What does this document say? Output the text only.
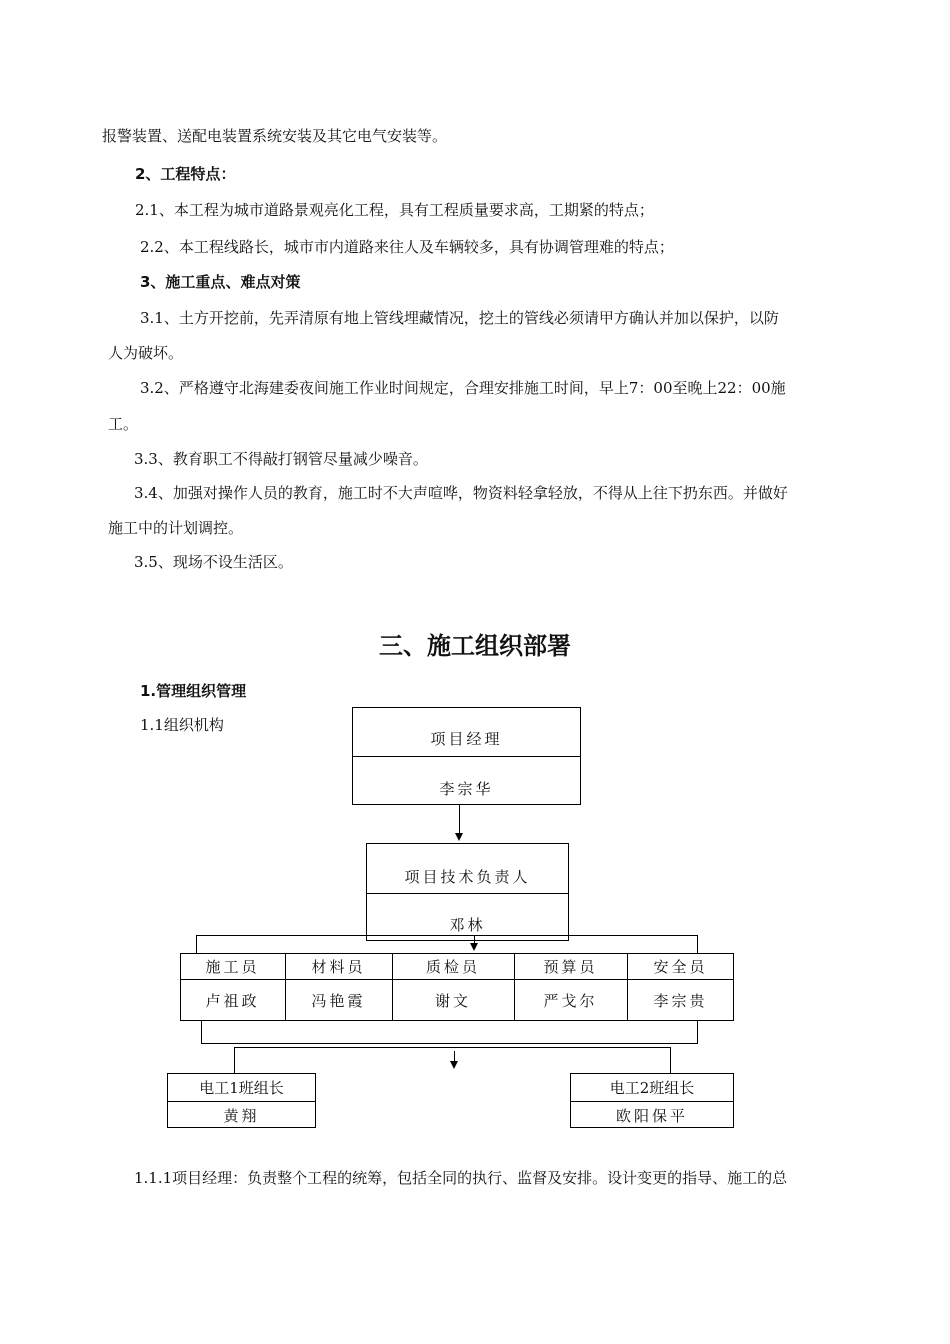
报警装置、送配电装置系统安装及其它电气安装等。
2、工程特点：
2.1、本工程为城市道路景观亮化工程，具有工程质量要求高，工期紧的特点；
2.2、本工程线路长，城市市内道路来往人及车辆较多，具有协调管理难的特点；
3、施工重点、难点对策
3.1、土方开挖前，先弄清原有地上管线埋藏情况，挖土的管线必须请甲方确认并加以保护，以防
人为破坏。
3.2、严格遵守北海建委夜间施工作业时间规定，合理安排施工时间，早上7：00至晚上22：00施
工。
3.3、教育职工不得敲打钢管尽量减少噪音。
3.4、加强对操作人员的教育，施工时不大声喧哗，物资料轻拿轻放，不得从上往下扔东西。并做好
施工中的计划调控。
3.5、现场不设生活区。
三、施工组织部署
1.管理组织管理
1.1组织机构
项目经理
李宗华
项目技术负责人
邓林
施工员	材料员	质检员	预算员	安全员
卢祖政	冯艳霞	谢文	严戈尔	李宗贵
电工1班组长
黄翔
电工2班组长
欧阳保平
1.1.1项目经理：负责整个工程的统筹，包括全同的执行、监督及安排。设计变更的指导、施工的总
